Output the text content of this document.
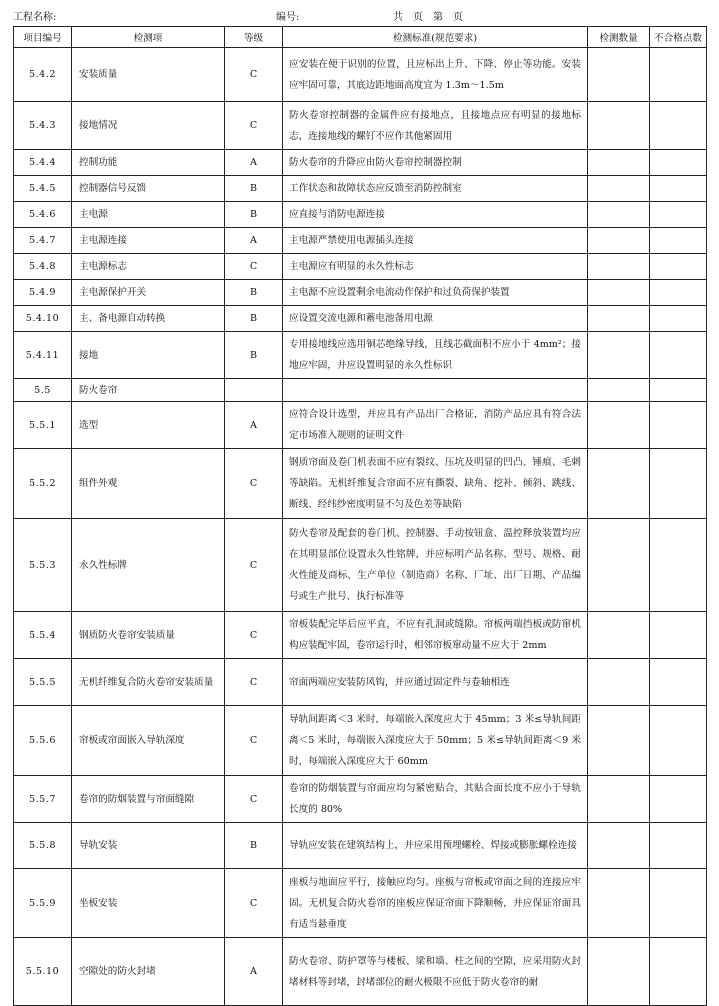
工程名称:	编号:	共　页　第　页
项目编号	检测项	等级	检测标准(规范要求)	检测数量	不合格点数
5.4.2	安装质量	C	应安装在便于识别的位置，且应标出上升、下降、停止等功能。安装应牢固可靠，其底边距地面高度宜为 1.3m～1.5m		
5.4.3	接地情况	C	防火卷帘控制器的金属件应有接地点，且接地点应有明显的接地标志，连接地线的螺钉不应作其他紧固用		
5.4.4	控制功能	A	防火卷帘的升降应由防火卷帘控制器控制		
5.4.5	控制器信号反馈	B	工作状态和故障状态应反馈至消防控制室		
5.4.6	主电源	B	应直接与消防电源连接		
5.4.7	主电源连接	A	主电源严禁使用电源插头连接		
5.4.8	主电源标志	C	主电源应有明显的永久性标志		
5.4.9	主电源保护开关	B	主电源不应设置剩余电流动作保护和过负荷保护装置		
5.4.10	主、备电源自动转换	B	应设置交流电源和蓄电池备用电源		
5.4.11	接地	B	专用接地线应选用铜芯绝缘导线，且线芯截面积不应小于 4mm²；接地应牢固，并应设置明显的永久性标识		
5.5	防火卷帘				
5.5.1	选型	A	应符合设计选型，并应具有产品出厂合格证，消防产品应具有符合法定市场准入规则的证明文件		
5.5.2	组件外观	C	钢质帘面及卷门机表面不应有裂纹、压坑及明显的凹凸、锤痕、毛刺等缺陷。无机纤维复合帘面不应有撕裂、缺角、挖补、倾斜、跳线、断线、经纬纱密度明显不匀及色差等缺陷		
5.5.3	永久性标牌	C	防火卷帘及配套的卷门机、控制器、手动按钮盒、温控释放装置均应在其明显部位设置永久性铭牌，并应标明产品名称、型号、规格、耐火性能及商标、生产单位（制造商）名称、厂址、出厂日期、产品编号或生产批号、执行标准等		
5.5.4	钢质防火卷帘安装质量	C	帘板装配完毕后应平直，不应有孔洞或缝隙。帘板两端挡板或防窜机构应装配牢固，卷帘运行时，相邻帘板窜动量不应大于 2mm		
5.5.5	无机纤维复合防火卷帘安装质量	C	帘面两端应安装防风钩，并应通过固定件与卷轴相连		
5.5.6	帘板或帘面嵌入导轨深度	C	导轨间距离＜3 米时，每端嵌入深度应大于 45mm；3 米≤导轨间距离＜5 米时，每端嵌入深度应大于 50mm；5 米≤导轨间距离＜9 米时，每端嵌入深度应大于 60mm		
5.5.7	卷帘的防烟装置与帘面缝隙	C	卷帘的防烟装置与帘面应均匀紧密贴合，其贴合面长度不应小于导轨长度的 80%		
5.5.8	导轨安装	B	导轨应安装在建筑结构上，并应采用预埋螺栓、焊接或膨胀螺栓连接		
5.5.9	坐板安装	C	座板与地面应平行，接触应均匀。座板与帘板或帘面之间的连接应牢固。无机复合防火卷帘的座板应保证帘面下降顺畅，并应保证帘面具有适当悬垂度		
5.5.10	空隙处的防火封堵	A	防火卷帘、防护罩等与楼板、梁和墙、柱之间的空隙，应采用防火封堵材料等封堵，封堵部位的耐火极限不应低于防火卷帘的耐		
